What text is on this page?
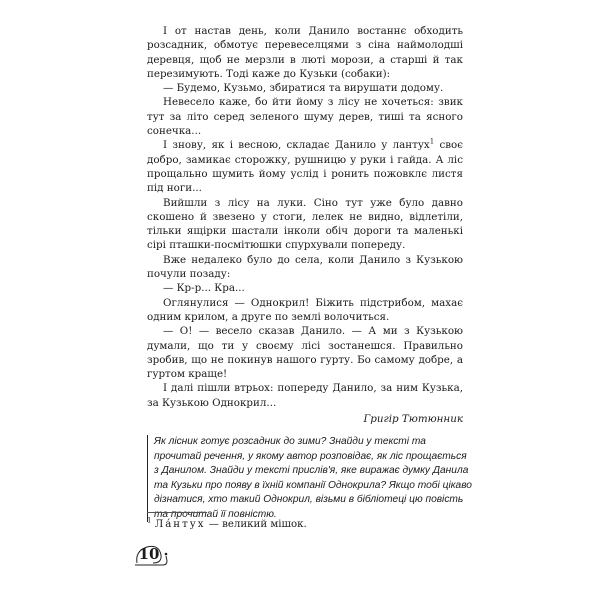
І от настав день, коли Данило востаннє обходить розсадник, обмотує перевеселцями з сіна наймолодші деревця, щоб не мерзли в лютi морози, а старші й так перезимують. Тоді каже до Кузьки (собаки):

— Будемо, Кузьмо, збиратися та вирушати додому.

Невесело каже, бо йти йому з лісу не хочеться: звик тут за літо серед зеленого шуму дерев, тиші та ясного сонечка...

І знову, як і весною, складає Данило у лантух$^1$ своє добро, замикає сторожку, рушницю у руки і гайда. А ліс прощально шумить йому услід і ронить пожовклє листя під ноги...

Вийшли з лісу на луки. Сіно тут уже було давно скошено й звезено у стоги, лелек не видно, відлетіли, тільки ящірки шастали інколи обіч дороги та маленькі сірі пташки-посмітюшки спурхували попереду.

Вже недалеко було до села, коли Данило з Кузькою почули позаду:

— Кр-р... Кра...

Оглянулися — Однокрил! Біжить підстрибом, махає одним крилом, а друге по землі волочиться.

— О! — весело сказав Данило. — А ми з Кузькою думали, що ти у своєму лісі зостанешся. Правильно зробив, що не покинув нашого гурту. Бо самому добре, а гуртом краще!

І далі пішли втрьох: попереду Данило, за ним Кузька, за Кузькою Однокрил...

Григір Тютюнник

Як лісник готує розсадник до зими? Знайди у тексті та прочитай речення, у якому автор розповідає, як ліс прощається з Данилом. Знайди у тексті прислів'я, яке виражає думку Данила та Кузьки про появу в їхній компанії Однокрила? Якщо тобі цікаво дізнатися, хто такий Однокрил, візьми в бібліотеці цю повість та прочитай її повністю.

$^1$ Ла́нтух — великий мішок.
10
